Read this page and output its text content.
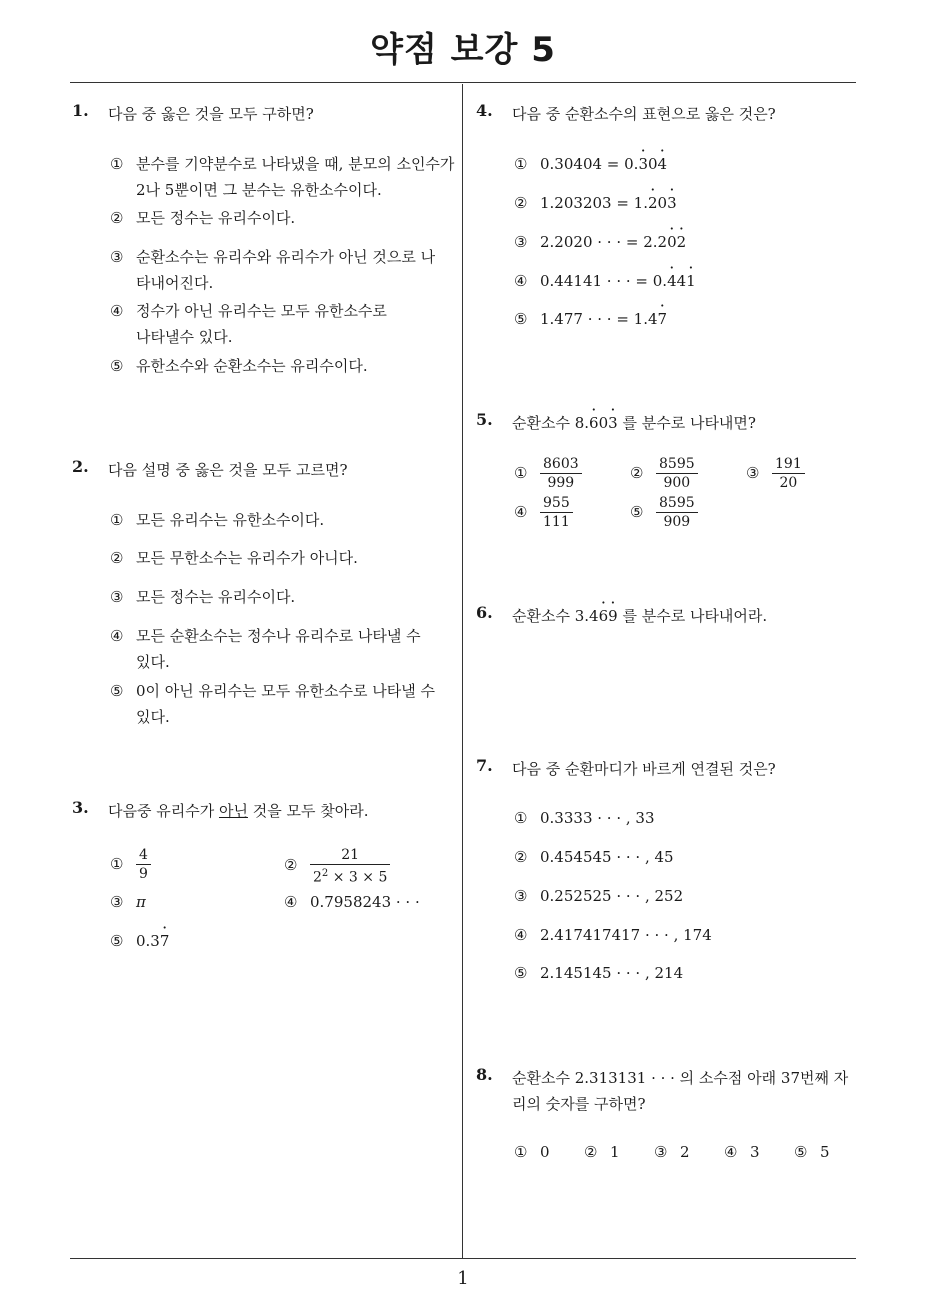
약점 보강 5
1
1. 다음 중 옳은 것을 모두 구하면?
① 분수를 기약분수로 나타냈을 때, 분모의 소인수가 2나 5뿐이면 그 분수는 유한소수이다.
② 모든 정수는 유리수이다.
③ 순환소수는 유리수와 유리수가 아닌 것으로 나타내어진다.
④ 정수가 아닌 유리수는 모두 유한소수로 나타낼수 있다.
⑤ 유한소수와 순환소수는 유리수이다.
2. 다음 설명 중 옳은 것을 모두 고르면?
① 모든 유리수는 유한소수이다.
② 모든 무한소수는 유리수가 아니다.
③ 모든 정수는 유리수이다.
④ 모든 순환소수는 정수나 유리수로 나타낼 수 있다.
⑤ 0이 아닌 유리수는 모두 유한소수로 나타낼 수 있다.
3. 다음중 유리수가 아닌 것을 모두 찾아라.
① $\frac{4}{9}$	② $\frac{21}{2^2 \times 3 \times 5}$
③ π	④ 0.7958243 · · ·
⑤ 0.3· 7
4. 다음 중 순환소수의 표현으로 옳은 것은?
① 0.30404 = 0.· 30· 4
② 1.203203 = 1.· 20· 3
③ 2.2020 · · · = 2.2· 0· 2
④ 0.44141 · · · = 0.· 44· 1
⑤ 1.477 · · · = 1.4· 7
5. 순환소수 8.· 60· 3 를 분수로 나타내면?
① $\frac{8603}{999}$	② $\frac{8595}{900}$	③ $\frac{191}{20}$
④ $\frac{955}{111}$	⑤ $\frac{8595}{909}$
6. 순환소수 3.4· 6· 9 를 분수로 나타내어라.
7. 다음 중 순환마디가 바르게 연결된 것은?
① 0.3333 · · · , 33
② 0.454545 · · · , 45
③ 0.252525 · · · , 252
④ 2.417417417 · · · , 174
⑤ 2.145145 · · · , 214
8. 순환소수 2.313131 · · · 의 소수점 아래 37번째 자리의 숫자를 구하면?
① 0 ② 1 ③ 2 ④ 3 ⑤ 5
